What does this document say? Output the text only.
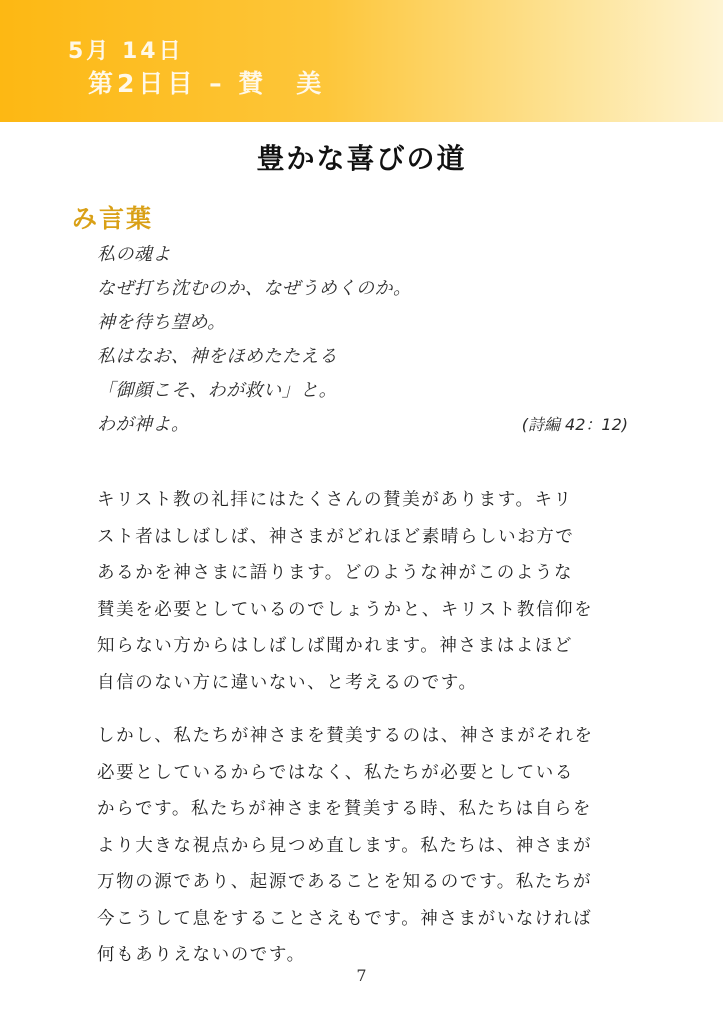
5月 14日
第2日目 – 賛　美
豊かな喜びの道
み言葉
私の魂よ
なぜ打ち沈むのか、なぜうめくのか。
神を待ち望め。
私はなお、神をほめたたえる
「御顔こそ、わが救い」と。
わが神よ。	(詩編 42：12)
キリスト教の礼拝にはたくさんの賛美があります。キリ
スト者はしばしば、神さまがどれほど素晴らしいお方で
あるかを神さまに語ります。どのような神がこのような
賛美を必要としているのでしょうかと、キリスト教信仰を
知らない方からはしばしば聞かれます。神さまはよほど
自信のない方に違いない、と考えるのです。
しかし、私たちが神さまを賛美するのは、神さまがそれを
必要としているからではなく、私たちが必要としている
からです。私たちが神さまを賛美する時、私たちは自らを
より大きな視点から見つめ直します。私たちは、神さまが
万物の源であり、起源であることを知るのです。私たちが
今こうして息をすることさえもです。神さまがいなければ
何もありえないのです。
7
